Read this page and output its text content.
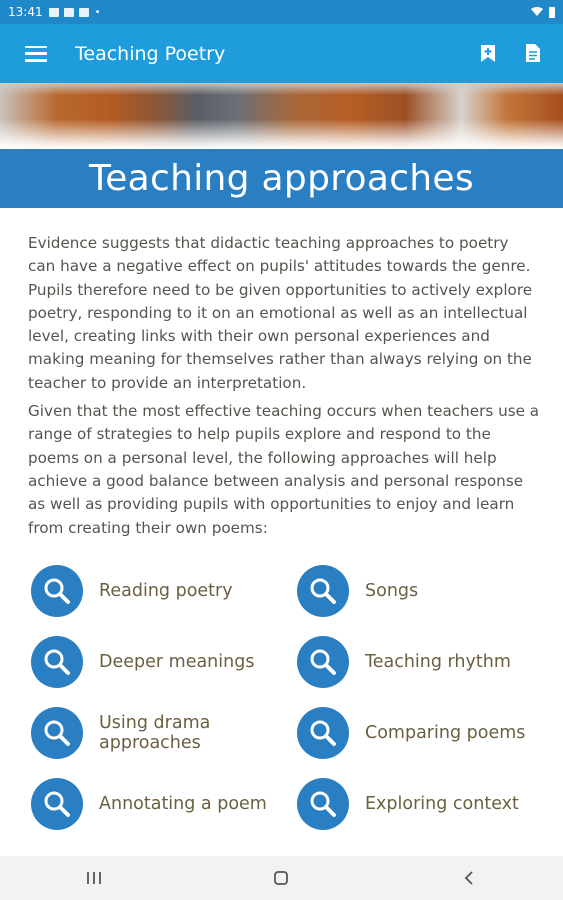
13:41	•
Teaching Poetry
Teaching approaches

Evidence suggests that didactic teaching approaches to poetry can have a negative effect on pupils' attitudes towards the genre. Pupils therefore need to be given opportunities to actively explore poetry, responding to it on an emotional as well as an intellectual level, creating links with their own personal experiences and making meaning for themselves rather than always relying on the teacher to provide an interpretation.

Given that the most effective teaching occurs when teachers use a range of strategies to help pupils explore and respond to the poems on a personal level, the following approaches will help achieve a good balance between analysis and personal response as well as providing pupils with opportunities to enjoy and learn from creating their own poems:

Reading poetry	Songs
Deeper meanings	Teaching rhythm
Using drama approaches	Comparing poems
Annotating a poem	Exploring context
